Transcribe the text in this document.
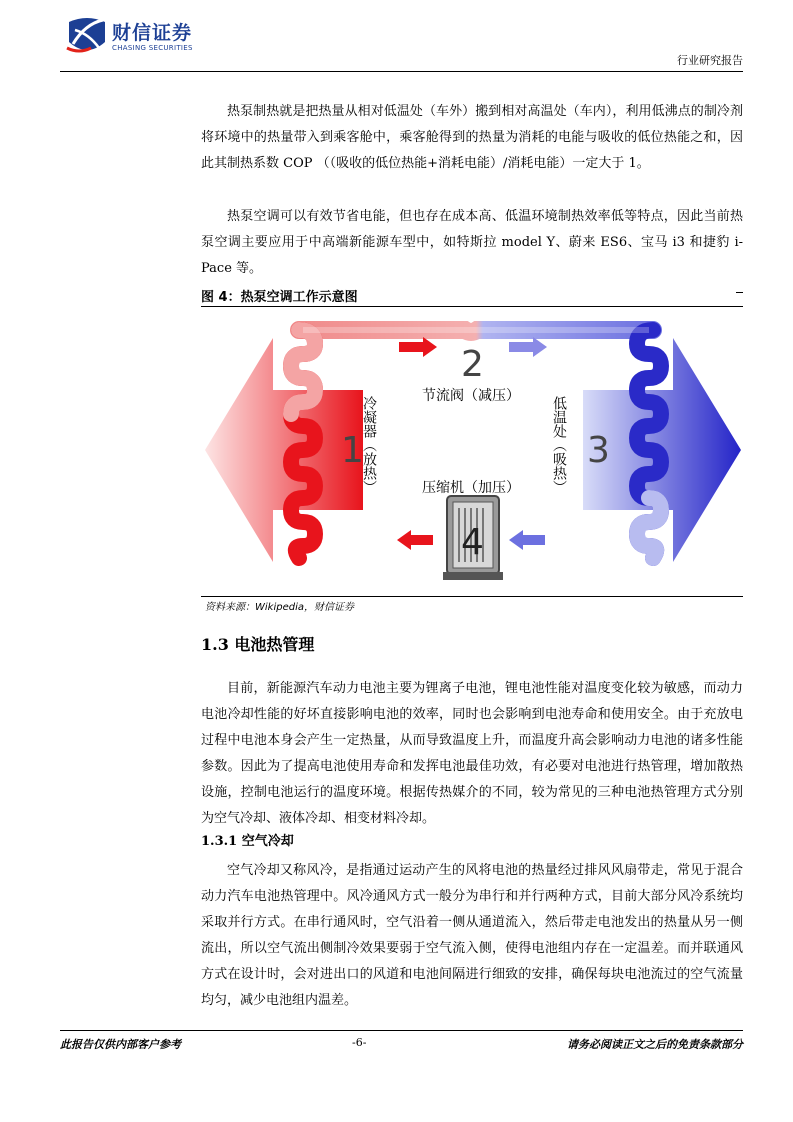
财信证券
CHASING SECURITIES
行业研究报告
热泵制热就是把热量从相对低温处（车外）搬到相对高温处（车内），利用低沸点的制冷剂将环境中的热量带入到乘客舱中，乘客舱得到的热量为消耗的电能与吸收的低位热能之和，因此其制热系数 COP （（吸收的低位热能+消耗电能）/消耗电能）一定大于 1。
热泵空调可以有效节省电能，但也存在成本高、低温环境制热效率低等特点，因此当前热泵空调主要应用于中高端新能源车型中，如特斯拉 model Y、蔚来 ES6、宝马 i3 和捷豹 i-Pace 等。
图 4：热泵空调工作示意图
1
2
3
4
节流阀（减压）
压缩机（加压）
冷凝器（放热）	低温处（吸热）
资料来源：Wikipedia，财信证券
1.3 电池热管理
目前，新能源汽车动力电池主要为锂离子电池，锂电池性能对温度变化较为敏感，而动力电池冷却性能的好坏直接影响电池的效率，同时也会影响到电池寿命和使用安全。由于充放电过程中电池本身会产生一定热量，从而导致温度上升，而温度升高会影响动力电池的诸多性能参数。因此为了提高电池使用寿命和发挥电池最佳功效，有必要对电池进行热管理，增加散热设施，控制电池运行的温度环境。根据传热媒介的不同，较为常见的三种电池热管理方式分别为空气冷却、液体冷却、相变材料冷却。
1.3.1 空气冷却
空气冷却又称风冷，是指通过运动产生的风将电池的热量经过排风风扇带走，常见于混合动力汽车电池热管理中。风冷通风方式一般分为串行和并行两种方式，目前大部分风冷系统均采取并行方式。在串行通风时，空气沿着一侧从通道流入，然后带走电池发出的热量从另一侧流出，所以空气流出侧制冷效果要弱于空气流入侧，使得电池组内存在一定温差。而并联通风方式在设计时，会对进出口的风道和电池间隔进行细致的安排，确保每块电池流过的空气流量均匀，减少电池组内温差。
此报告仅供内部客户参考	-6-	请务必阅读正文之后的免责条款部分
